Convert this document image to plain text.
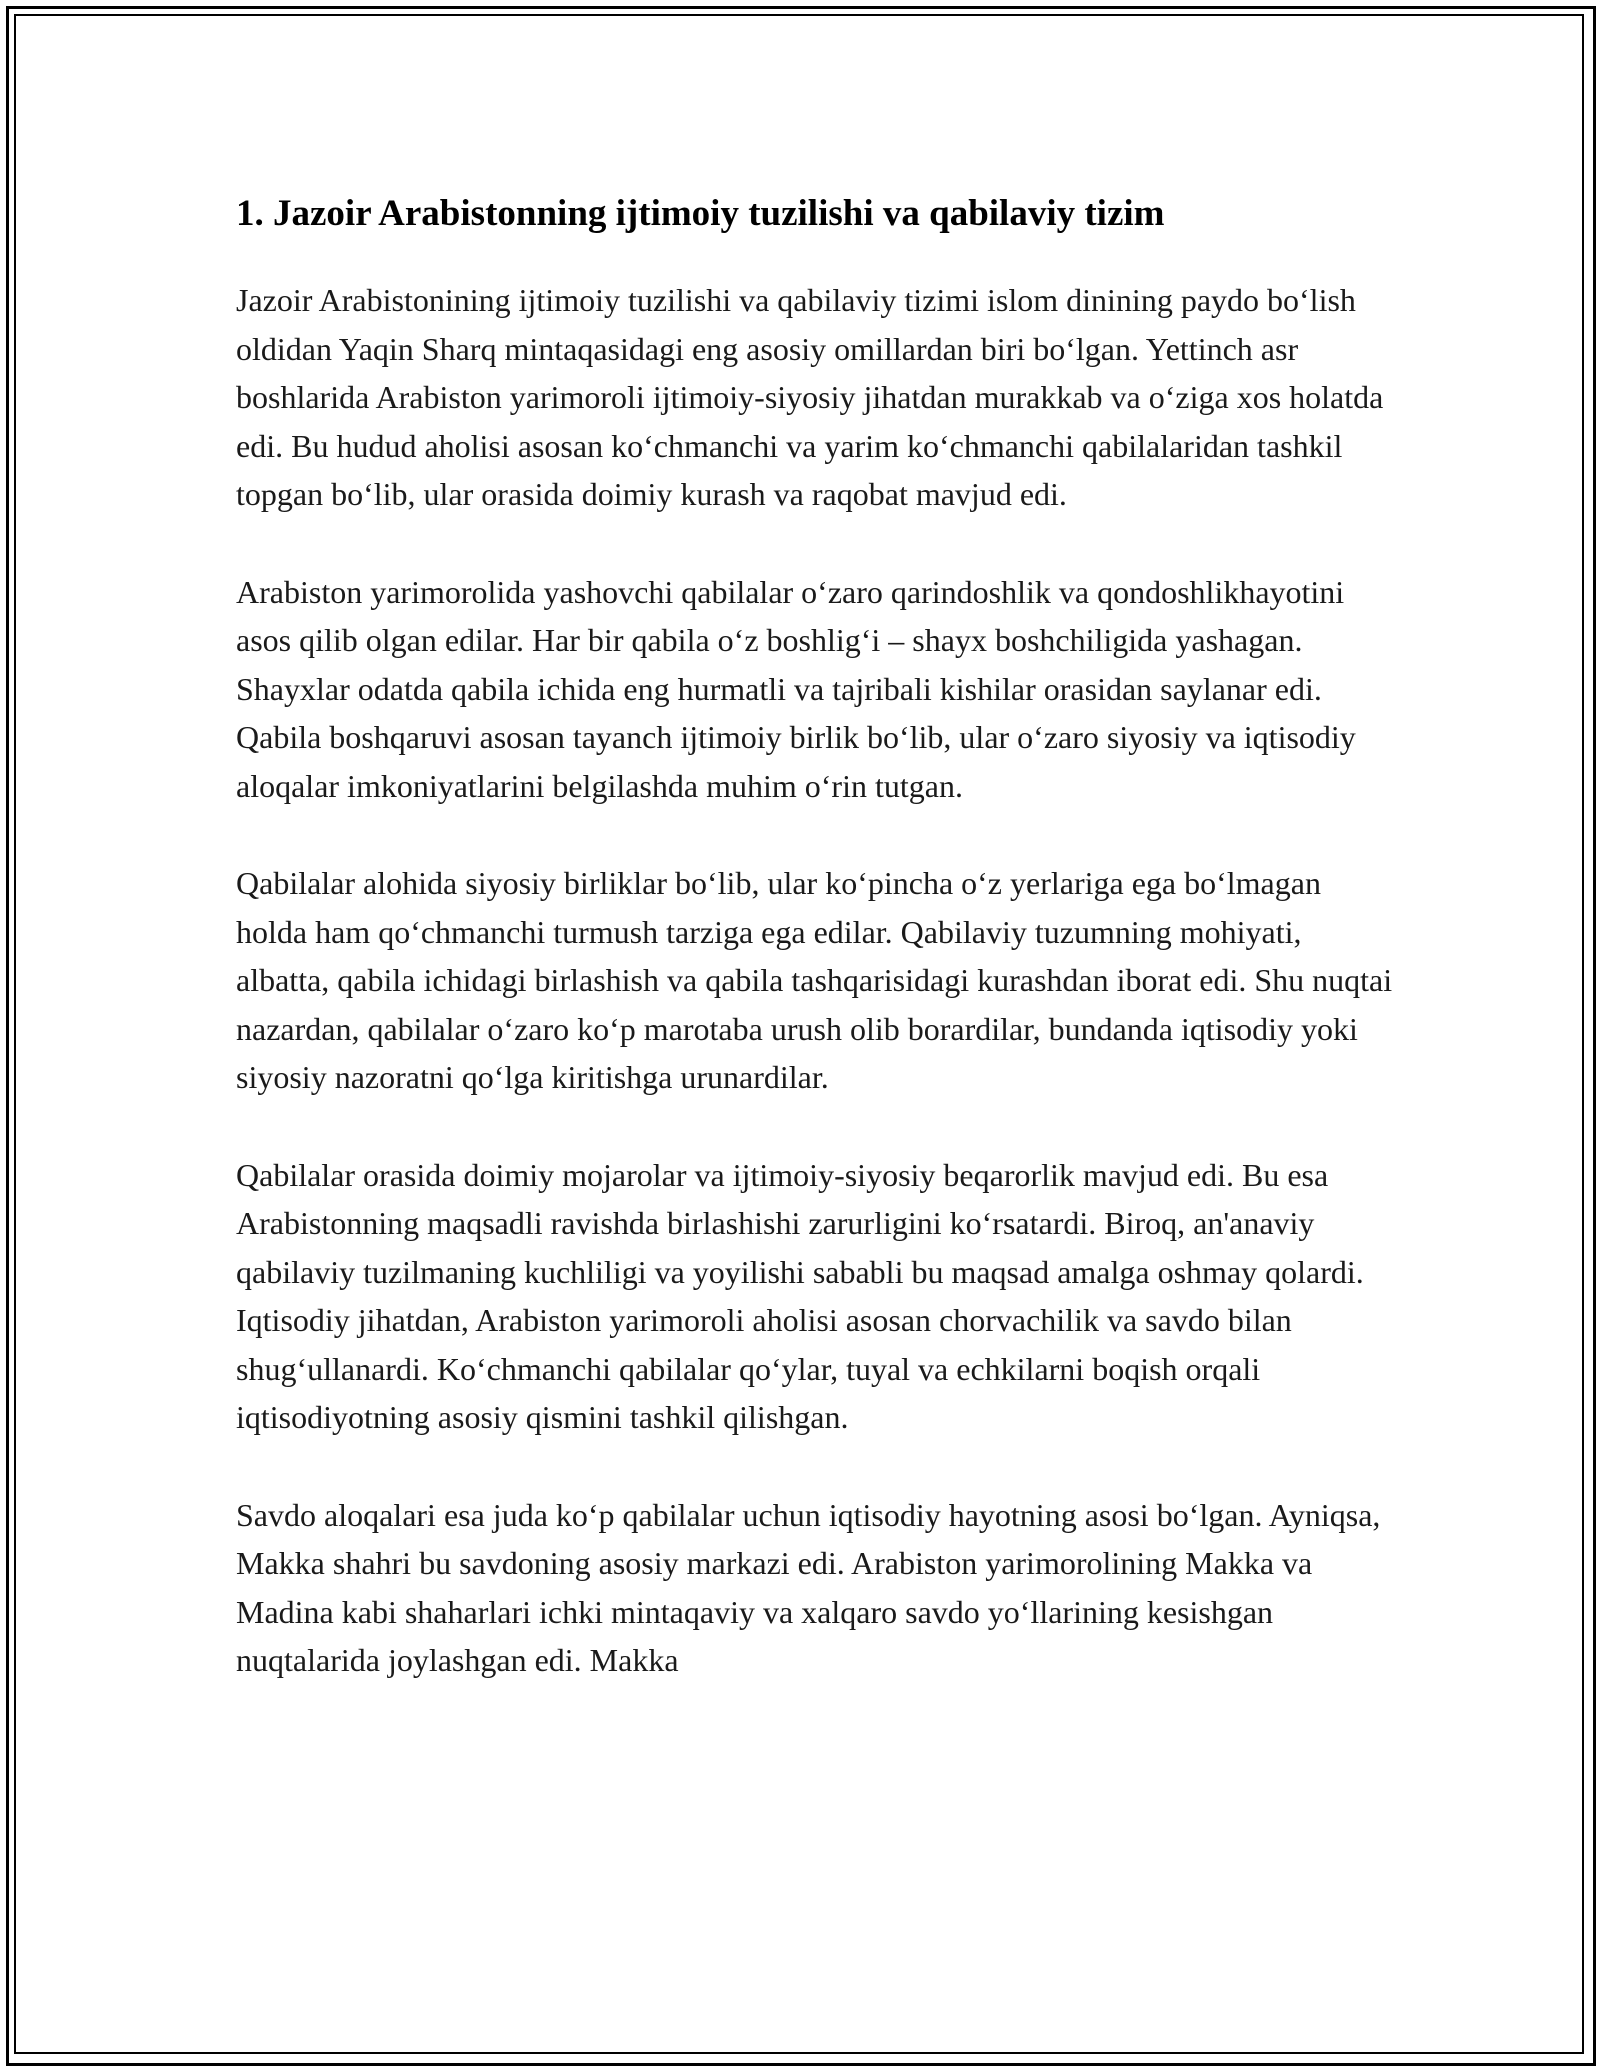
1. Jazoir Arabistonning ijtimoiy tuzilishi va qabilaviy tizim

Jazoir Arabistonining ijtimoiy tuzilishi va qabilaviy tizimi islom dinining paydo bo‘lish oldidan Yaqin Sharq mintaqasidagi eng asosiy omillardan biri bo‘lgan. Yettinch asr boshlarida Arabiston yarimoroli ijtimoiy-siyosiy jihatdan murakkab va o‘ziga xos holatda edi. Bu hudud aholisi asosan ko‘chmanchi va yarim ko‘chmanchi qabilalaridan tashkil topgan bo‘lib, ular orasida doimiy kurash va raqobat mavjud edi.

Arabiston yarimorolida yashovchi qabilalar o‘zaro qarindoshlik va qondoshlikhayotini asos qilib olgan edilar. Har bir qabila o‘z boshlig‘i – shayx boshchiligida yashagan. Shayxlar odatda qabila ichida eng hurmatli va tajribali kishilar orasidan saylanar edi. Qabila boshqaruvi asosan tayanch ijtimoiy birlik bo‘lib, ular o‘zaro siyosiy va iqtisodiy aloqalar imkoniyatlarini belgilashda muhim o‘rin tutgan.

Qabilalar alohida siyosiy birliklar bo‘lib, ular ko‘pincha o‘z yerlariga ega bo‘lmagan holda ham qo‘chmanchi turmush tarziga ega edilar. Qabilaviy tuzumning mohiyati, albatta, qabila ichidagi birlashish va qabila tashqarisidagi kurashdan iborat edi. Shu nuqtai nazardan, qabilalar o‘zaro ko‘p marotaba urush olib borardilar, bundanda iqtisodiy yoki siyosiy nazoratni qo‘lga kiritishga urunardilar.

Qabilalar orasida doimiy mojarolar va ijtimoiy-siyosiy beqarorlik mavjud edi. Bu esa Arabistonning maqsadli ravishda birlashishi zarurligini ko‘rsatardi. Biroq, an'anaviy qabilaviy tuzilmaning kuchliligi va yoyilishi sababli bu maqsad amalga oshmay qolardi. Iqtisodiy jihatdan, Arabiston yarimoroli aholisi asosan chorvachilik va savdo bilan shug‘ullanardi. Ko‘chmanchi qabilalar qo‘ylar, tuyal va echkilarni boqish orqali iqtisodiyotning asosiy qismini tashkil qilishgan.

Savdo aloqalari esa juda ko‘p qabilalar uchun iqtisodiy hayotning asosi bo‘lgan. Ayniqsa, Makka shahri bu savdoning asosiy markazi edi. Arabiston yarimorolining Makka va Madina kabi shaharlari ichki mintaqaviy va xalqaro savdo yo‘llarining kesishgan nuqtalarida joylashgan edi. Makka
